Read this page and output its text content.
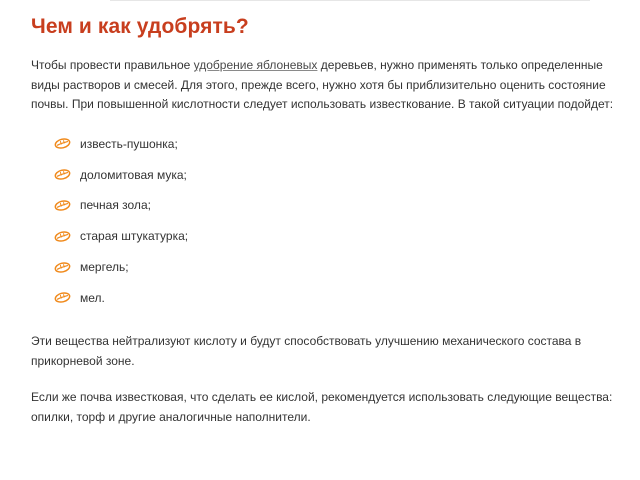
Чем и как удобрять?

Чтобы провести правильное удобрение яблоневых деревьев, нужно применять только определенные виды растворов и смесей. Для этого, прежде всего, нужно хотя бы приблизительно оценить состояние почвы. При повышенной кислотности следует использовать известкование. В такой ситуации подойдет:

известь-пушонка;
доломитовая мука;
печная зола;
старая штукатурка;
мергель;
мел.

Эти вещества нейтрализуют кислоту и будут способствовать улучшению механического состава в прикорневой зоне.

Если же почва известковая, что сделать ее кислой, рекомендуется использовать следующие вещества: опилки, торф и другие аналогичные наполнители.
